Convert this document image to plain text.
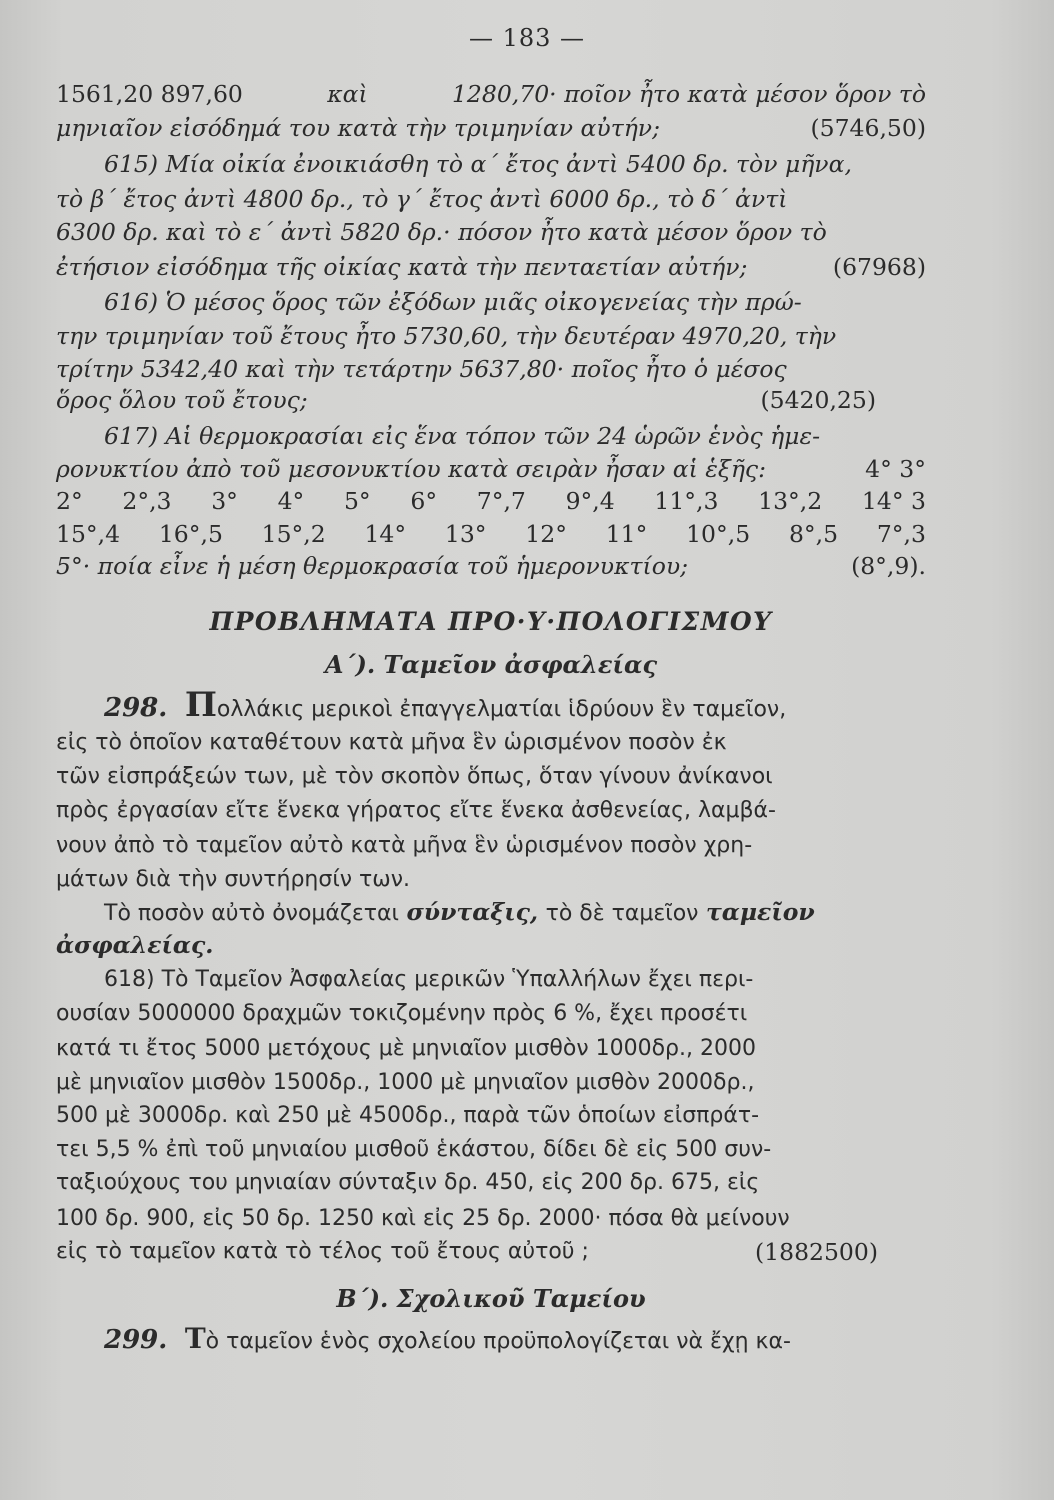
— 183 —
1561,20 897,60	καὶ	1280,70· ποῖον ἦτο κατὰ μέσον ὅρον τὸ
μηνιαῖον εἰσόδημά του κατὰ τὴν τριμηνίαν αὐτήν;	(5746,50)
615) Μία οἰκία ἐνοικιάσθη τὸ α΄ ἔτος ἀντὶ 5400 δρ. τὸν μῆνα,
τὸ β΄ ἔτος ἀντὶ 4800 δρ., τὸ γ΄ ἔτος ἀντὶ 6000 δρ., τὸ δ΄ ἀντὶ
6300 δρ. καὶ τὸ ε΄ ἀντὶ 5820 δρ.· πόσον ἦτο κατὰ μέσον ὅρον τὸ
ἐτήσιον εἰσόδημα τῆς οἰκίας κατὰ τὴν πενταετίαν αὐτήν;	(67968)
616) Ὁ μέσος ὅρος τῶν ἐξόδων μιᾶς οἰκογενείας τὴν πρώ-
την τριμηνίαν τοῦ ἔτους ἦτο 5730,60, τὴν δευτέραν 4970,20, τὴν
τρίτην 5342,40 καὶ τὴν τετάρτην 5637,80· ποῖος ἦτο ὁ μέσος
ὅρος ὅλου τοῦ ἔτους;	(5420,25)
617) Αἱ θερμοκρασίαι εἰς ἕνα τόπον τῶν 24 ὡρῶν ἑνὸς ἡμε-
ρονυκτίου ἀπὸ τοῦ μεσονυκτίου κατὰ σειρὰν ἦσαν αἱ ἑξῆς:	4° 3°
2° 2°,3 3° 4° 5° 6° 7°,7 9°,4 11°,3 13°,2 14° 3
15°,4 16°,5 15°,2 14° 13° 12° 11° 10°,5 8°,5 7°,3
5°· ποία εἶνε ἡ μέση θερμοκρασία τοῦ ἡμερονυκτίου;	(8°,9).
ΠΡΟΒΛΗΜΑΤΑ ΠΡΟ·Υ·ΠΟΛΟΓΙΣΜΟΥ
Α΄). Ταμεῖον ἀσφαλείας
298. Πολλάκις μερικοὶ ἐπαγγελματίαι ἱδρύουν ἓν ταμεῖον,
εἰς τὸ ὁποῖον καταθέτουν κατὰ μῆνα ἓν ὡρισμένον ποσὸν ἐκ
τῶν εἰσπράξεών των, μὲ τὸν σκοπὸν ὅπως, ὅταν γίνουν ἀνίκανοι
πρὸς ἐργασίαν εἴτε ἕνεκα γήρατος εἴτε ἕνεκα ἀσθενείας, λαμβά-
νουν ἀπὸ τὸ ταμεῖον αὐτὸ κατὰ μῆνα ἓν ὡρισμένον ποσὸν χρη-
μάτων διὰ τὴν συντήρησίν των.
Τὸ ποσὸν αὐτὸ ὀνομάζεται σύνταξις, τὸ δὲ ταμεῖον ταμεῖον
ἀσφαλείας.
618) Τὸ Ταμεῖον Ἀσφαλείας μερικῶν Ὑπαλλήλων ἔχει περι-
ουσίαν 5000000 δραχμῶν τοκιζομένην πρὸς 6 %, ἔχει προσέτι
κατά τι ἔτος 5000 μετόχους μὲ μηνιαῖον μισθὸν 1000δρ., 2000
μὲ μηνιαῖον μισθὸν 1500δρ., 1000 μὲ μηνιαῖον μισθὸν 2000δρ.,
500 μὲ 3000δρ. καὶ 250 μὲ 4500δρ., παρὰ τῶν ὁποίων εἰσπράτ-
τει 5,5 % ἐπὶ τοῦ μηνιαίου μισθοῦ ἑκάστου, δίδει δὲ εἰς 500 συν-
ταξιούχους του μηνιαίαν σύνταξιν δρ. 450, εἰς 200 δρ. 675, εἰς
100 δρ. 900, εἰς 50 δρ. 1250 καὶ εἰς 25 δρ. 2000· πόσα θὰ μείνουν
εἰς τὸ ταμεῖον κατὰ τὸ τέλος τοῦ ἔτους αὐτοῦ ;	(1882500)
Β΄). Σχολικοῦ Ταμείου
299. Τὸ ταμεῖον ἑνὸς σχολείου προϋπολογίζεται νὰ ἔχῃ κα-
